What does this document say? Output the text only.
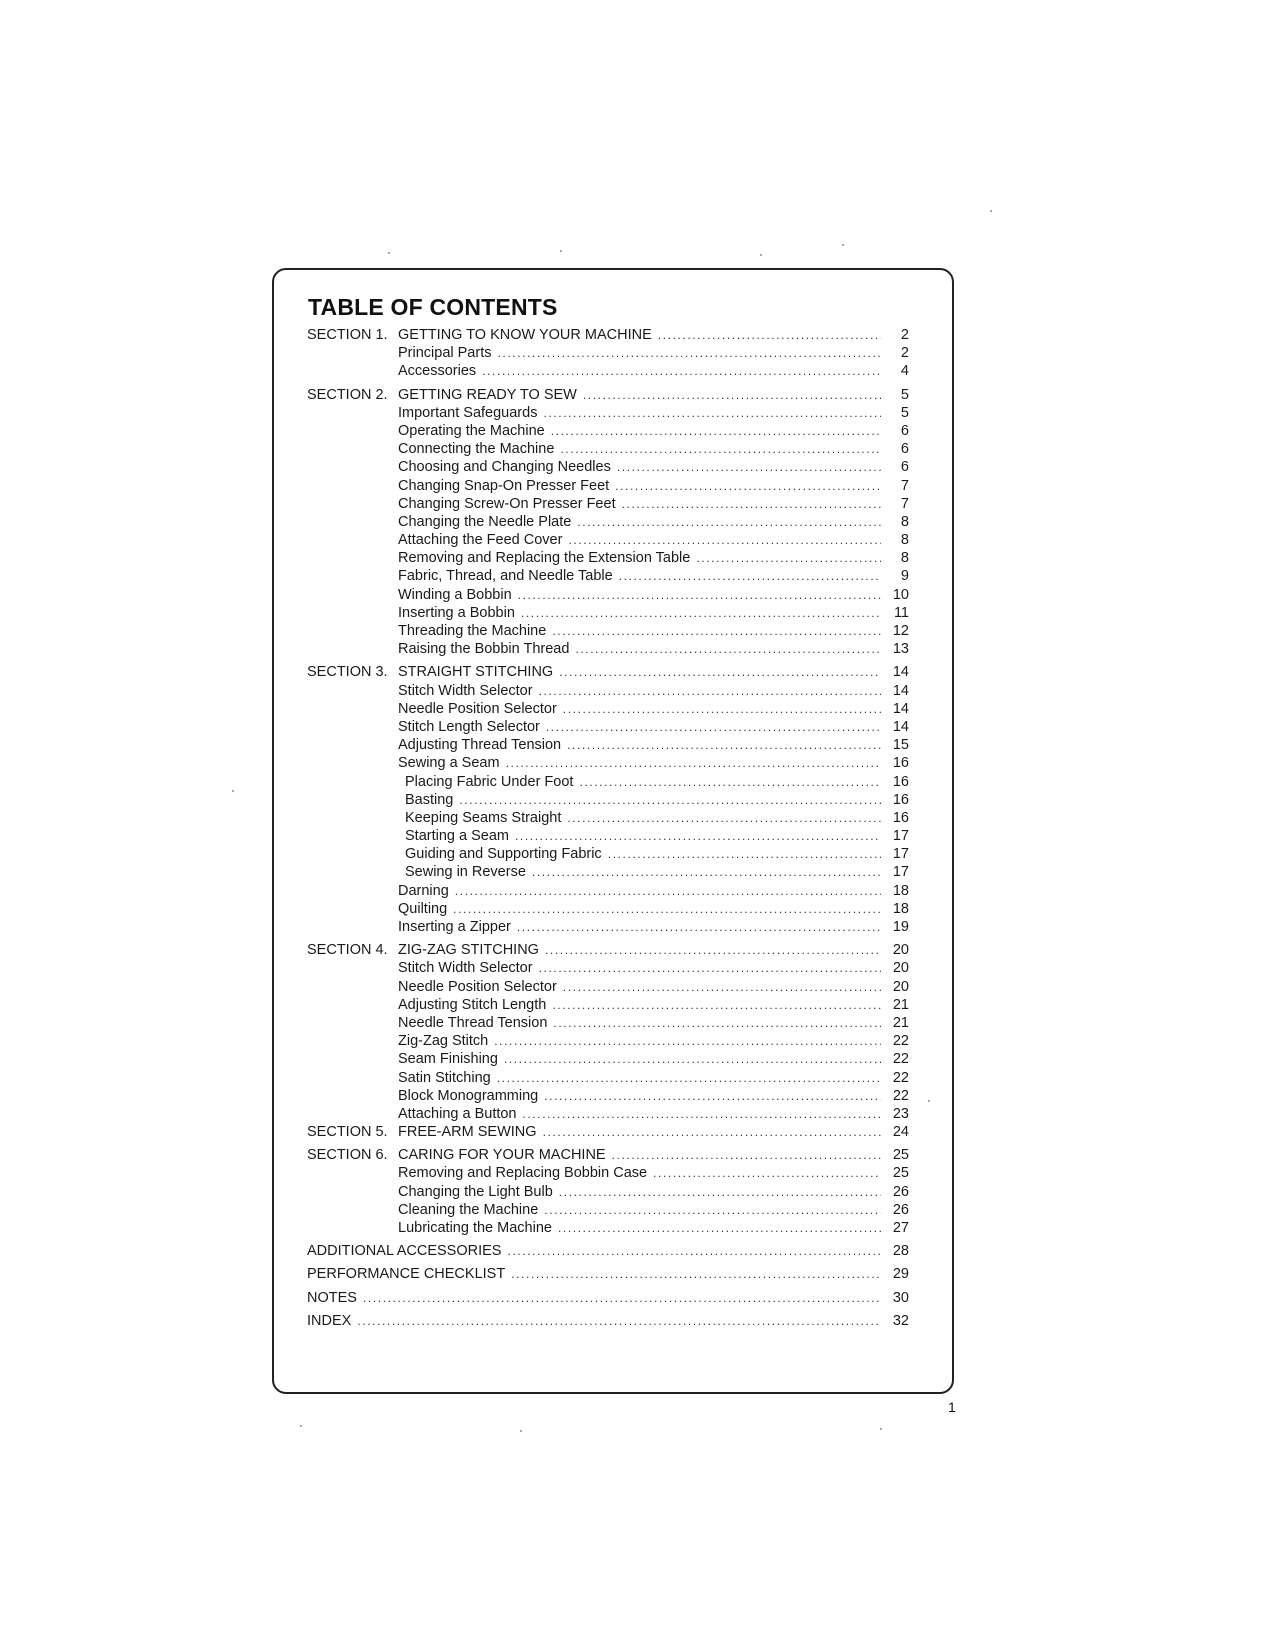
TABLE OF CONTENTS
SECTION 1. GETTING TO KNOW YOUR MACHINE .....	2
Principal Parts .....	2
Accessories .....	4
SECTION 2. GETTING READY TO SEW .....	5
Important Safeguards .....	5
Operating the Machine .....	6
Connecting the Machine .....	6
Choosing and Changing Needles .....	6
Changing Snap-On Presser Feet .....	7
Changing Screw-On Presser Feet .....	7
Changing the Needle Plate .....	8
Attaching the Feed Cover .....	8
Removing and Replacing the Extension Table .....	8
Fabric, Thread, and Needle Table .....	9
Winding a Bobbin .....	10
Inserting a Bobbin .....	11
Threading the Machine .....	12
Raising the Bobbin Thread .....	13
SECTION 3. STRAIGHT STITCHING .....	14
Stitch Width Selector .....	14
Needle Position Selector .....	14
Stitch Length Selector .....	14
Adjusting Thread Tension .....	15
Sewing a Seam .....	16
Placing Fabric Under Foot .....	16
Basting .....	16
Keeping Seams Straight .....	16
Starting a Seam .....	17
Guiding and Supporting Fabric .....	17
Sewing in Reverse .....	17
Darning .....	18
Quilting .....	18
Inserting a Zipper .....	19
SECTION 4. ZIG-ZAG STITCHING .....	20
Stitch Width Selector .....	20
Needle Position Selector .....	20
Adjusting Stitch Length .....	21
Needle Thread Tension .....	21
Zig-Zag Stitch .....	22
Seam Finishing .....	22
Satin Stitching .....	22
Block Monogramming .....	22
Attaching a Button .....	23
SECTION 5. FREE-ARM SEWING .....	24
SECTION 6. CARING FOR YOUR MACHINE .....	25
Removing and Replacing Bobbin Case .....	25
Changing the Light Bulb .....	26
Cleaning the Machine .....	26
Lubricating the Machine .....	27
ADDITIONAL ACCESSORIES .....	28
PERFORMANCE CHECKLIST .....	29
NOTES .....	30
INDEX .....	32
1
